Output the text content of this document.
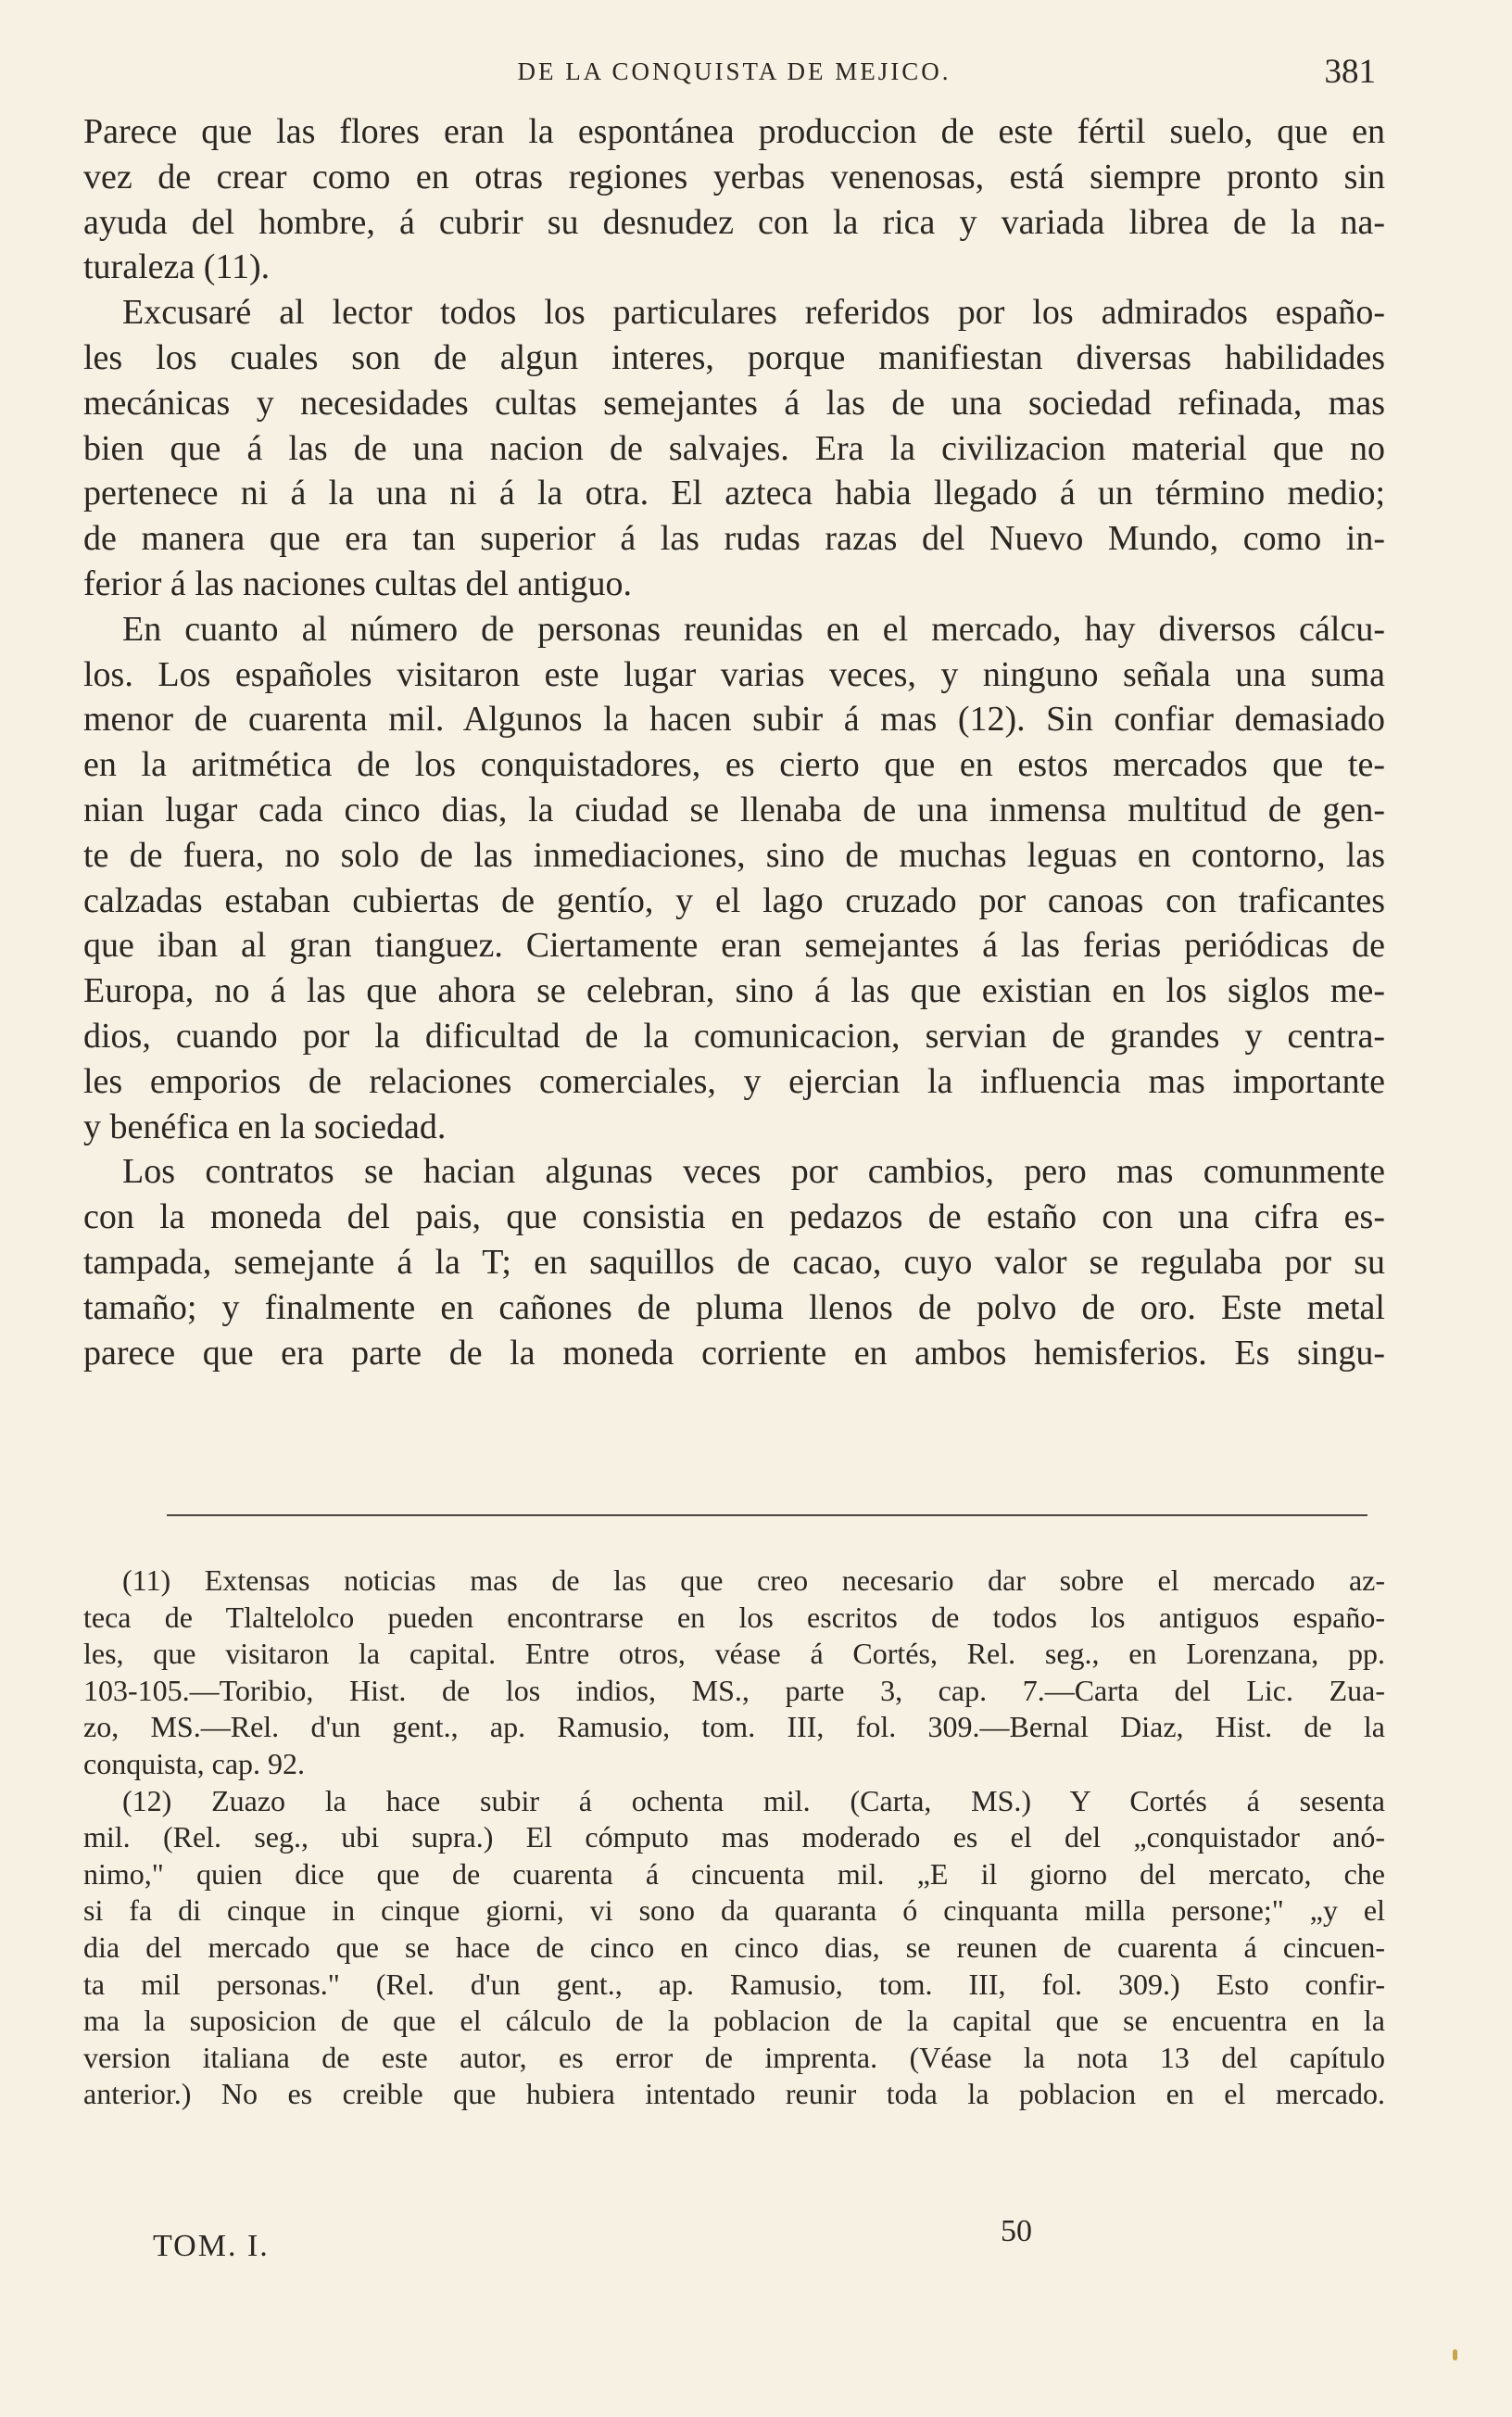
DE LA CONQUISTA DE MEJICO.	381
Parece que las flores eran la espontánea produccion de este fértil suelo, que en
vez de crear como en otras regiones yerbas venenosas, está siempre pronto sin
ayuda del hombre, á cubrir su desnudez con la rica y variada librea de la na-
turaleza (11).
Excusaré al lector todos los particulares referidos por los admirados españo-
les los cuales son de algun interes, porque manifiestan diversas habilidades
mecánicas y necesidades cultas semejantes á las de una sociedad refinada, mas
bien que á las de una nacion de salvajes. Era la civilizacion material que no
pertenece ni á la una ni á la otra. El azteca habia llegado á un término medio;
de manera que era tan superior á las rudas razas del Nuevo Mundo, como in-
ferior á las naciones cultas del antiguo.
En cuanto al número de personas reunidas en el mercado, hay diversos cálcu-
los. Los españoles visitaron este lugar varias veces, y ninguno señala una suma
menor de cuarenta mil. Algunos la hacen subir á mas (12). Sin confiar demasiado
en la aritmética de los conquistadores, es cierto que en estos mercados que te-
nian lugar cada cinco dias, la ciudad se llenaba de una inmensa multitud de gen-
te de fuera, no solo de las inmediaciones, sino de muchas leguas en contorno, las
calzadas estaban cubiertas de gentío, y el lago cruzado por canoas con traficantes
que iban al gran tianguez. Ciertamente eran semejantes á las ferias periódicas de
Europa, no á las que ahora se celebran, sino á las que existian en los siglos me-
dios, cuando por la dificultad de la comunicacion, servian de grandes y centra-
les emporios de relaciones comerciales, y ejercian la influencia mas importante
y benéfica en la sociedad.
Los contratos se hacian algunas veces por cambios, pero mas comunmente
con la moneda del pais, que consistia en pedazos de estaño con una cifra es-
tampada, semejante á la T; en saquillos de cacao, cuyo valor se regulaba por su
tamaño; y finalmente en cañones de pluma llenos de polvo de oro. Este metal
parece que era parte de la moneda corriente en ambos hemisferios. Es singu-
(11) Extensas noticias mas de las que creo necesario dar sobre el mercado az-
teca de Tlaltelolco pueden encontrarse en los escritos de todos los antiguos españo-
les, que visitaron la capital. Entre otros, véase á Cortés, Rel. seg., en Lorenzana, pp.
103-105.—Toribio, Hist. de los indios, MS., parte 3, cap. 7.—Carta del Lic. Zua-
zo, MS.—Rel. d'un gent., ap. Ramusio, tom. III, fol. 309.—Bernal Diaz, Hist. de la
conquista, cap. 92.
(12) Zuazo la hace subir á ochenta mil. (Carta, MS.) Y Cortés á sesenta
mil. (Rel. seg., ubi supra.) El cómputo mas moderado es el del „conquistador anó-
nimo," quien dice que de cuarenta á cincuenta mil. „E il giorno del mercato, che
si fa di cinque in cinque giorni, vi sono da quaranta ó cinquanta milla persone;" „y el
dia del mercado que se hace de cinco en cinco dias, se reunen de cuarenta á cincuen-
ta mil personas." (Rel. d'un gent., ap. Ramusio, tom. III, fol. 309.) Esto confir-
ma la suposicion de que el cálculo de la poblacion de la capital que se encuentra en la
version italiana de este autor, es error de imprenta. (Véase la nota 13 del capítulo
anterior.) No es creible que hubiera intentado reunir toda la poblacion en el mercado.
TOM. I.	50
